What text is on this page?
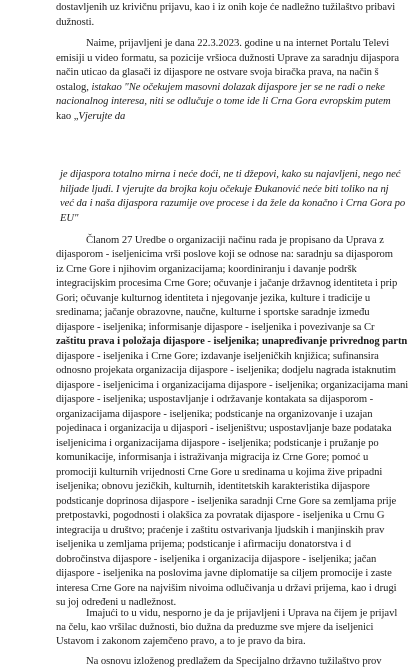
dostavljenih uz krivičnu prijavu, kao i iz onih koje će nadležno tužilaštvo pribavi
dužnosti.
Naime, prijavljeni je dana 22.3.2023. godine u na internet Portalu Televi
emisiji u video formatu, sa pozicije vršioca dužnosti Uprave za saradnju dijaspora
način uticao da glasači iz dijaspore ne ostvare svoja biračka prava, na način š
ostalog, istakao "Ne očekujem masovni dolazak dijaspore jer se ne radi o neke
nacionalnog interesa, niti se odlučuje o tome ide li Crna Gora evropskim putem
kao „Vjerujte da
je dijaspora totalno mirna i neće doći, ne ti džepovi, kako su najavljeni, nego neć
hiljade ljudi. I vjerujte da brojka koju očekuje Đukanović neće biti toliko na nj
već da i naša dijaspora razumije ove procese i da žele da konačno i Crna Gora po
EU"
Članom 27 Uredbe o organizaciji načinu rada je propisano da Uprava z
dijasporom - iseljenicima vrši poslove koji se odnose na: saradnju sa dijasporom
iz Crne Gore i njihovim organizacijama; koordiniranju i davanje podršk
integracijskim procesima Crne Gore; očuvanje i jačanje državnog identiteta i prip
Gori; očuvanje kulturnog identiteta i njegovanje jezika, kulture i tradicije u
sredinama; jačanje obrazovne, naučne, kulturne i sportske saradnje između
dijaspore - iseljenika; informisanje dijaspore - iseljenika i povezivanje sa Cr
zaštitu prava i položaja dijaspore - iseljenika; unapređivanje privrednog partn
dijaspore - iseljenika i Crne Gore; izdavanje iseljeničkih knjižica; sufinansira
odnosno projekata organizacija dijaspore - iseljenika; dodjelu nagrada istaknutim
dijaspore - iseljenicima i organizacijama dijaspore - iseljenika; organizacijama mani
dijaspore - iseljenika; uspostavljanje i održavanje kontakata sa dijasporom -
organizacijama dijaspore - iseljenika; podsticanje na organizovanje i uzajan
pojedinaca i organizacija u dijaspori - iseljeništvu; uspostavljanje baze podataka
iseljenicima i organizacijama dijaspore - iseljenika; podsticanje i pružanje po
komunikacije, informisanja i istraživanja migracija iz Crne Gore; pomoć u
promociji kulturnih vrijednosti Crne Gore u sredinama u kojima žive pripadni
iseljenika; obnovu jezičkih, kulturnih, identitetskih karakteristika dijaspore
podsticanje doprinosa dijaspore - iseljenika saradnji Crne Gore sa zemljama prije
pretpostavki, pogodnosti i olakšica za povratak dijaspore - iseljenika u Crnu G
integracija u društvo; praćenje i zaštitu ostvarivanja ljudskih i manjinskih prav
iseljenika u zemljama prijema; podsticanje i afirmaciju donatorstva i d
dobročinstva dijaspore - iseljenika i organizacija dijaspore - iseljenika; jačan
dijaspore - iseljenika na poslovima javne diplomatije sa ciljem promocije i zaste
interesa Crne Gore na najvišim nivoima odlučivanja u državi prijema, kao i drugi
su joj određeni u nadležnost.
Imajući to u vidu, nesporno je da je prijavljeni i Uprava na čijem je prijavl
na čelu, kao vršilac dužnosti, bio dužna da preduzme sve mjere da iseljenici
Ustavom i zakonom zajemčeno pravo, a to je pravo da bira.
Na osnovu izloženog predlažem da Specijalno državno tužilaštvo prov
